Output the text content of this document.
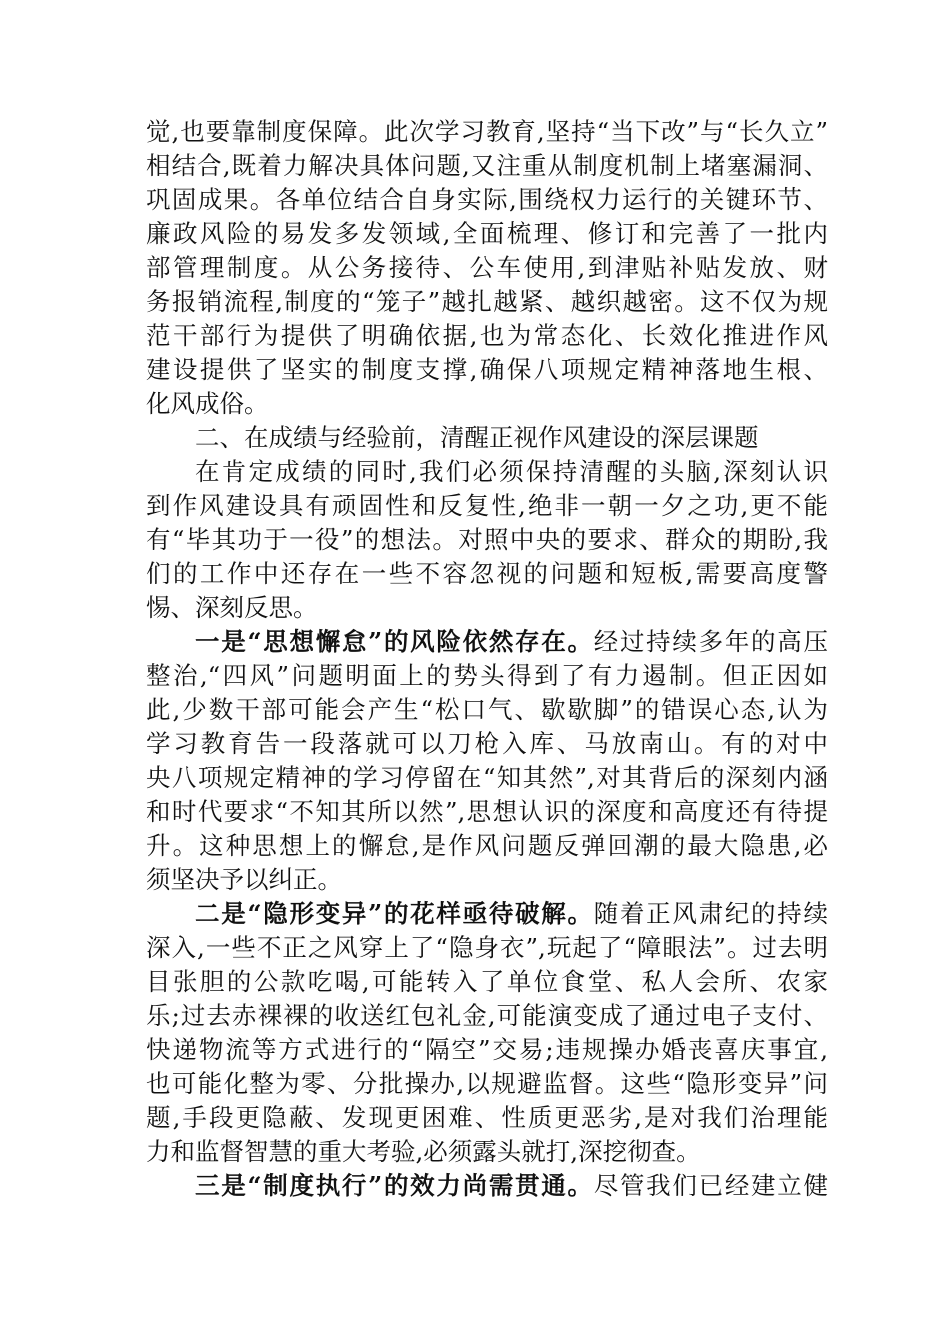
觉,也要靠制度保障。此次学习教育,坚持“当下改”与“长久立”
相结合,既着力解决具体问题,又注重从制度机制上堵塞漏洞、
巩固成果。各单位结合自身实际,围绕权力运行的关键环节、
廉政风险的易发多发领域,全面梳理、修订和完善了一批内
部管理制度。从公务接待、公车使用,到津贴补贴发放、财
务报销流程,制度的“笼子”越扎越紧、越织越密。这不仅为规
范干部行为提供了明确依据,也为常态化、长效化推进作风
建设提供了坚实的制度支撑,确保八项规定精神落地生根、
化风成俗。
二、在成绩与经验前，清醒正视作风建设的深层课题
在肯定成绩的同时,我们必须保持清醒的头脑,深刻认识
到作风建设具有顽固性和反复性,绝非一朝一夕之功,更不能
有“毕其功于一役”的想法。对照中央的要求、群众的期盼,我
们的工作中还存在一些不容忽视的问题和短板,需要高度警
惕、深刻反思。
一是“思想懈怠”的风险依然存在。经过持续多年的高压
整治,“四风”问题明面上的势头得到了有力遏制。但正因如
此,少数干部可能会产生“松口气、歇歇脚”的错误心态,认为
学习教育告一段落就可以刀枪入库、马放南山。有的对中
央八项规定精神的学习停留在“知其然”,对其背后的深刻内涵
和时代要求“不知其所以然”,思想认识的深度和高度还有待提
升。这种思想上的懈怠,是作风问题反弹回潮的最大隐患,必
须坚决予以纠正。
二是“隐形变异”的花样亟待破解。随着正风肃纪的持续
深入,一些不正之风穿上了“隐身衣”,玩起了“障眼法”。过去明
目张胆的公款吃喝,可能转入了单位食堂、私人会所、农家
乐;过去赤裸裸的收送红包礼金,可能演变成了通过电子支付、
快递物流等方式进行的“隔空”交易;违规操办婚丧喜庆事宜,
也可能化整为零、分批操办,以规避监督。这些“隐形变异”问
题,手段更隐蔽、发现更困难、性质更恶劣,是对我们治理能
力和监督智慧的重大考验,必须露头就打,深挖彻查。
三是“制度执行”的效力尚需贯通。尽管我们已经建立健
